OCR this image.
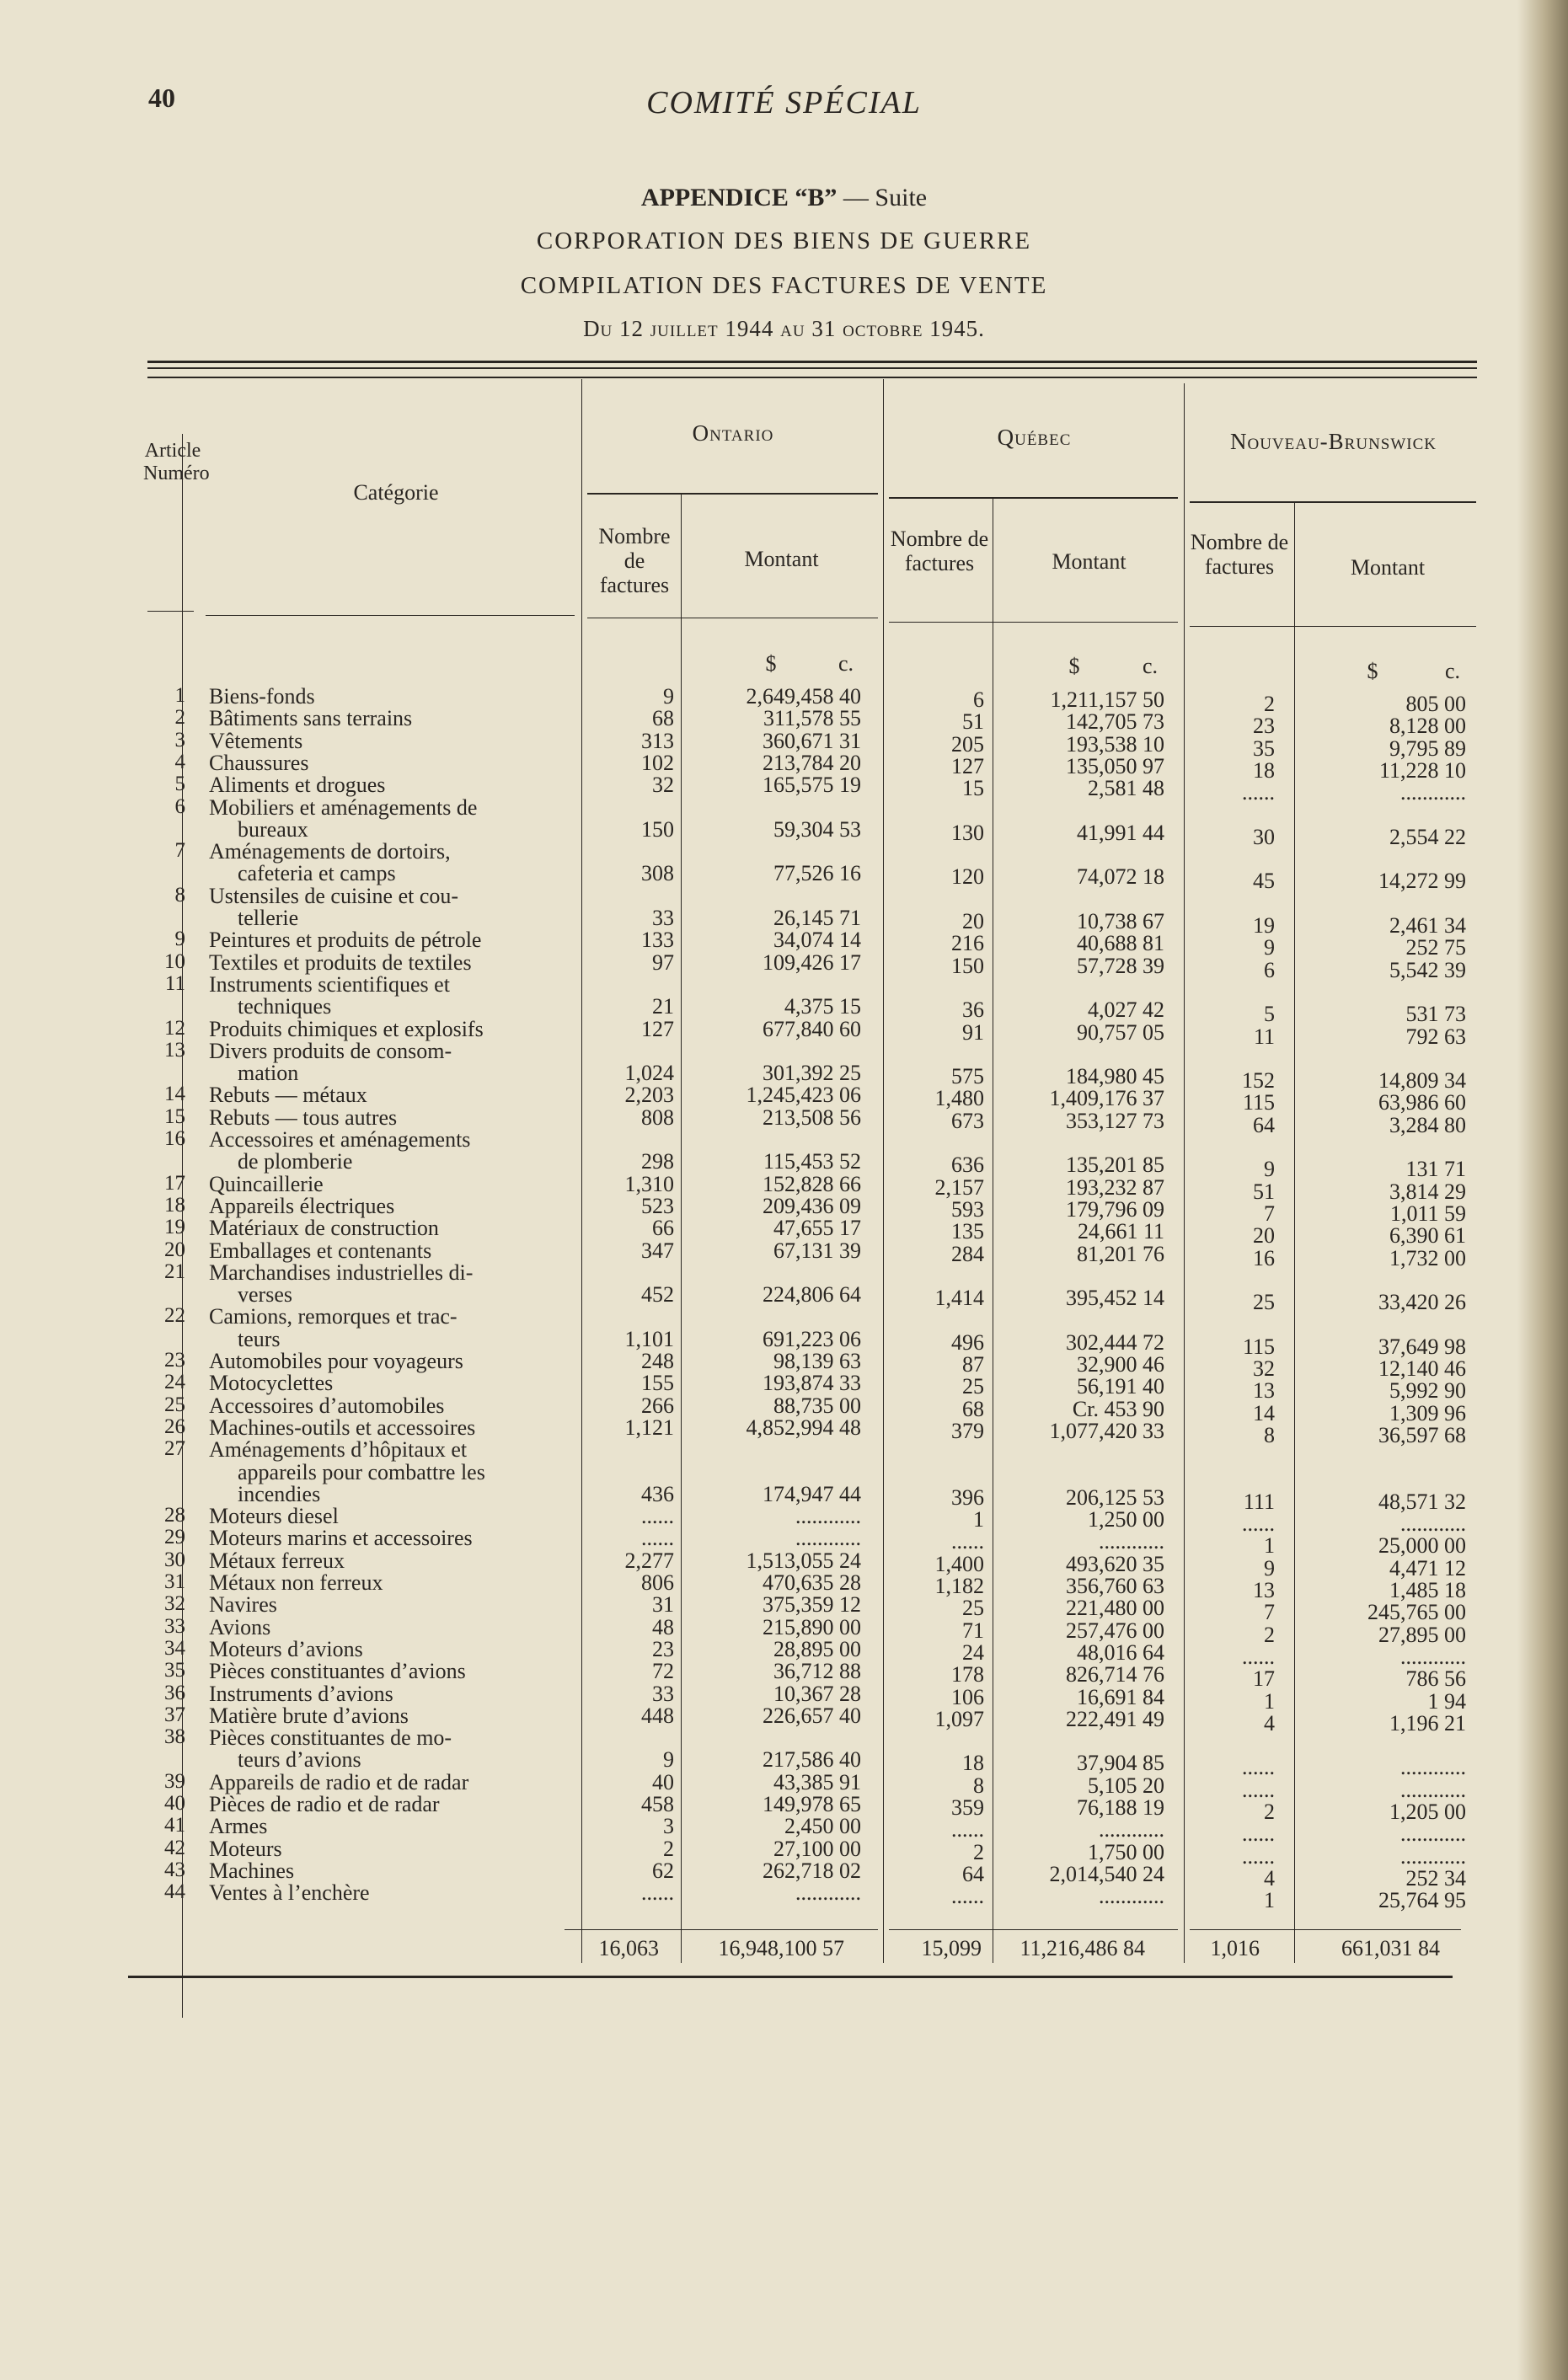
40	COMITÉ SPÉCIAL
APPENDICE “B” — Suite
CORPORATION DES BIENS DE GUERRE
COMPILATION DES FACTURES DE VENTE
Du 12 juillet 1944 au 31 octobre 1945.
Article Numéro
Catégorie
Ontario	Québec	Nouveau-Brunswick
Nombre de factures
Montant
Nombre de factures	Montant
Nombre de factures	Montant
$	c.	$	c.	$	c.
1 Biens-fonds	9	2,649,458 40	6	1,211,157 50	2	805 00
2 Bâtiments sans terrains	68	311,578 55	51	142,705 73	23	8,128 00
3 Vêtements	313	360,671 31	205	193,538 10	35	9,795 89
4 Chaussures	102	213,784 20	127	135,050 97	18	11,228 10
5 Aliments et drogues	32	165,575 19	15	2,581 48	......	............
6 Mobiliers et aménagements de
bureaux	150	59,304 53	130	41,991 44	30	2,554 22
7 Aménagements de dortoirs,
cafeteria et camps	308	77,526 16	120	74,072 18	45	14,272 99
8 Ustensiles de cuisine et cou-
tellerie	33	26,145 71	20	10,738 67	19	2,461 34
9 Peintures et produits de pétrole	133	34,074 14	216	40,688 81	9	252 75
10 Textiles et produits de textiles	97	109,426 17	150	57,728 39	6	5,542 39
11 Instruments scientifiques et
techniques	21	4,375 15	36	4,027 42	5	531 73
12 Produits chimiques et explosifs	127	677,840 60	91	90,757 05	11	792 63
13 Divers produits de consom-
mation	1,024	301,392 25	575	184,980 45	152	14,809 34
14 Rebuts — métaux	2,203	1,245,423 06	1,480	1,409,176 37	115	63,986 60
15 Rebuts — tous autres	808	213,508 56	673	353,127 73	64	3,284 80
16 Accessoires et aménagements
de plomberie	298	115,453 52	636	135,201 85	9	131 71
17 Quincaillerie	1,310	152,828 66	2,157	193,232 87	51	3,814 29
18 Appareils électriques	523	209,436 09	593	179,796 09	7	1,011 59
19 Matériaux de construction	66	47,655 17	135	24,661 11	20	6,390 61
20 Emballages et contenants	347	67,131 39	284	81,201 76	16	1,732 00
21 Marchandises industrielles di-
verses	452	224,806 64	1,414	395,452 14	25	33,420 26
22 Camions, remorques et trac-
teurs	1,101	691,223 06	496	302,444 72	115	37,649 98
23 Automobiles pour voyageurs	248	98,139 63	87	32,900 46	32	12,140 46
24 Motocyclettes	155	193,874 33	25	56,191 40	13	5,992 90
25 Accessoires d’automobiles	266	88,735 00	68	Cr. 453 90	14	1,309 96
26 Machines-outils et accessoires	1,121	4,852,994 48	379	1,077,420 33	8	36,597 68
27 Aménagements d’hôpitaux et
appareils pour combattre les
incendies	436	174,947 44	396	206,125 53	111	48,571 32
28 Moteurs diesel	......	............	1	1,250 00	......	............
29 Moteurs marins et accessoires	......	............	......	............	1	25,000 00
30 Métaux ferreux	2,277	1,513,055 24	1,400	493,620 35	9	4,471 12
31 Métaux non ferreux	806	470,635 28	1,182	356,760 63	13	1,485 18
32 Navires	31	375,359 12	25	221,480 00	7	245,765 00
33 Avions	48	215,890 00	71	257,476 00	2	27,895 00
34 Moteurs d’avions	23	28,895 00	24	48,016 64	......	............
35 Pièces constituantes d’avions	72	36,712 88	178	826,714 76	17	786 56
36 Instruments d’avions	33	10,367 28	106	16,691 84	1	1 94
37 Matière brute d’avions	448	226,657 40	1,097	222,491 49	4	1,196 21
38 Pièces constituantes de mo-
teurs d’avions	9	217,586 40	18	37,904 85	......	............
39 Appareils de radio et de radar	40	43,385 91	8	5,105 20	......	............
40 Pièces de radio et de radar	458	149,978 65	359	76,188 19	2	1,205 00
41 Armes	3	2,450 00	......	............	......	............
42 Moteurs	2	27,100 00	2	1,750 00	......	............
43 Machines	62	262,718 02	64	2,014,540 24	4	252 34
44 Ventes à l’enchère	......	............	......	............	1	25,764 95
16,063	16,948,100 57	15,099	11,216,486 84	1,016	661,031 84
